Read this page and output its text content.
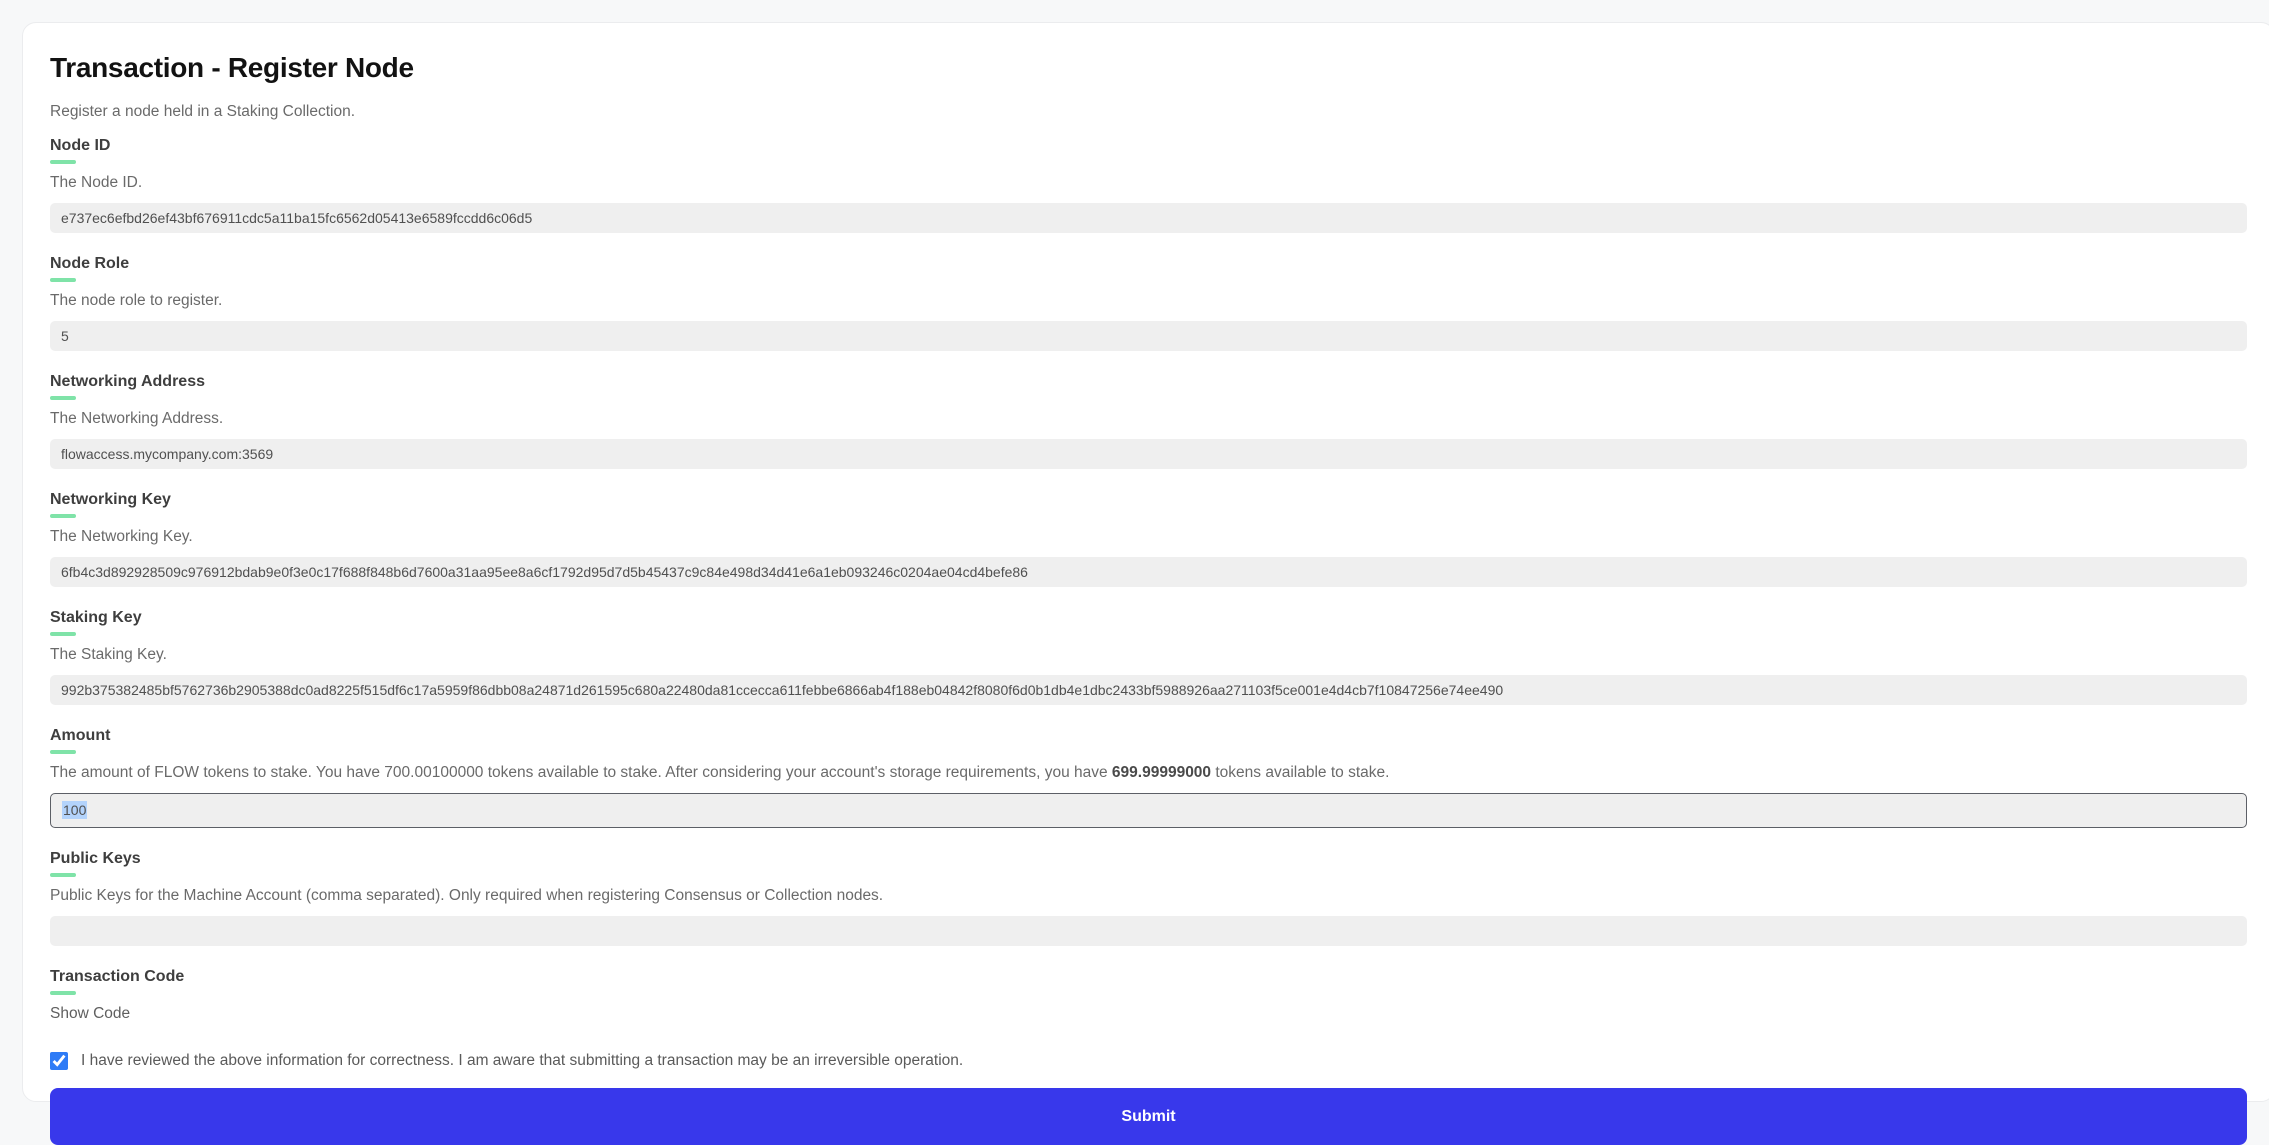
Transaction - Register Node
Register a node held in a Staking Collection.
Node ID
The Node ID.
e737ec6efbd26ef43bf676911cdc5a11ba15fc6562d05413e6589fccdd6c06d5
Node Role
The node role to register.
5
Networking Address
The Networking Address.
flowaccess.mycompany.com:3569
Networking Key
The Networking Key.
6fb4c3d892928509c976912bdab9e0f3e0c17f688f848b6d7600a31aa95ee8a6cf1792d95d7d5b45437c9c84e498d34d41e6a1eb093246c0204ae04cd4befe86
Staking Key
The Staking Key.
992b375382485bf5762736b2905388dc0ad8225f515df6c17a5959f86dbb08a24871d261595c680a22480da81ccecca611febbe6866ab4f188eb04842f8080f6d0b1db4e1dbc2433bf5988926aa271103f5ce001e4d4cb7f10847256e74ee490
Amount
The amount of FLOW tokens to stake. You have 700.00100000 tokens available to stake. After considering your account's storage requirements, you have 699.99999000 tokens available to stake.
100
Public Keys
Public Keys for the Machine Account (comma separated). Only required when registering Consensus or Collection nodes.
Transaction Code
Show Code
I have reviewed the above information for correctness. I am aware that submitting a transaction may be an irreversible operation.
Submit
